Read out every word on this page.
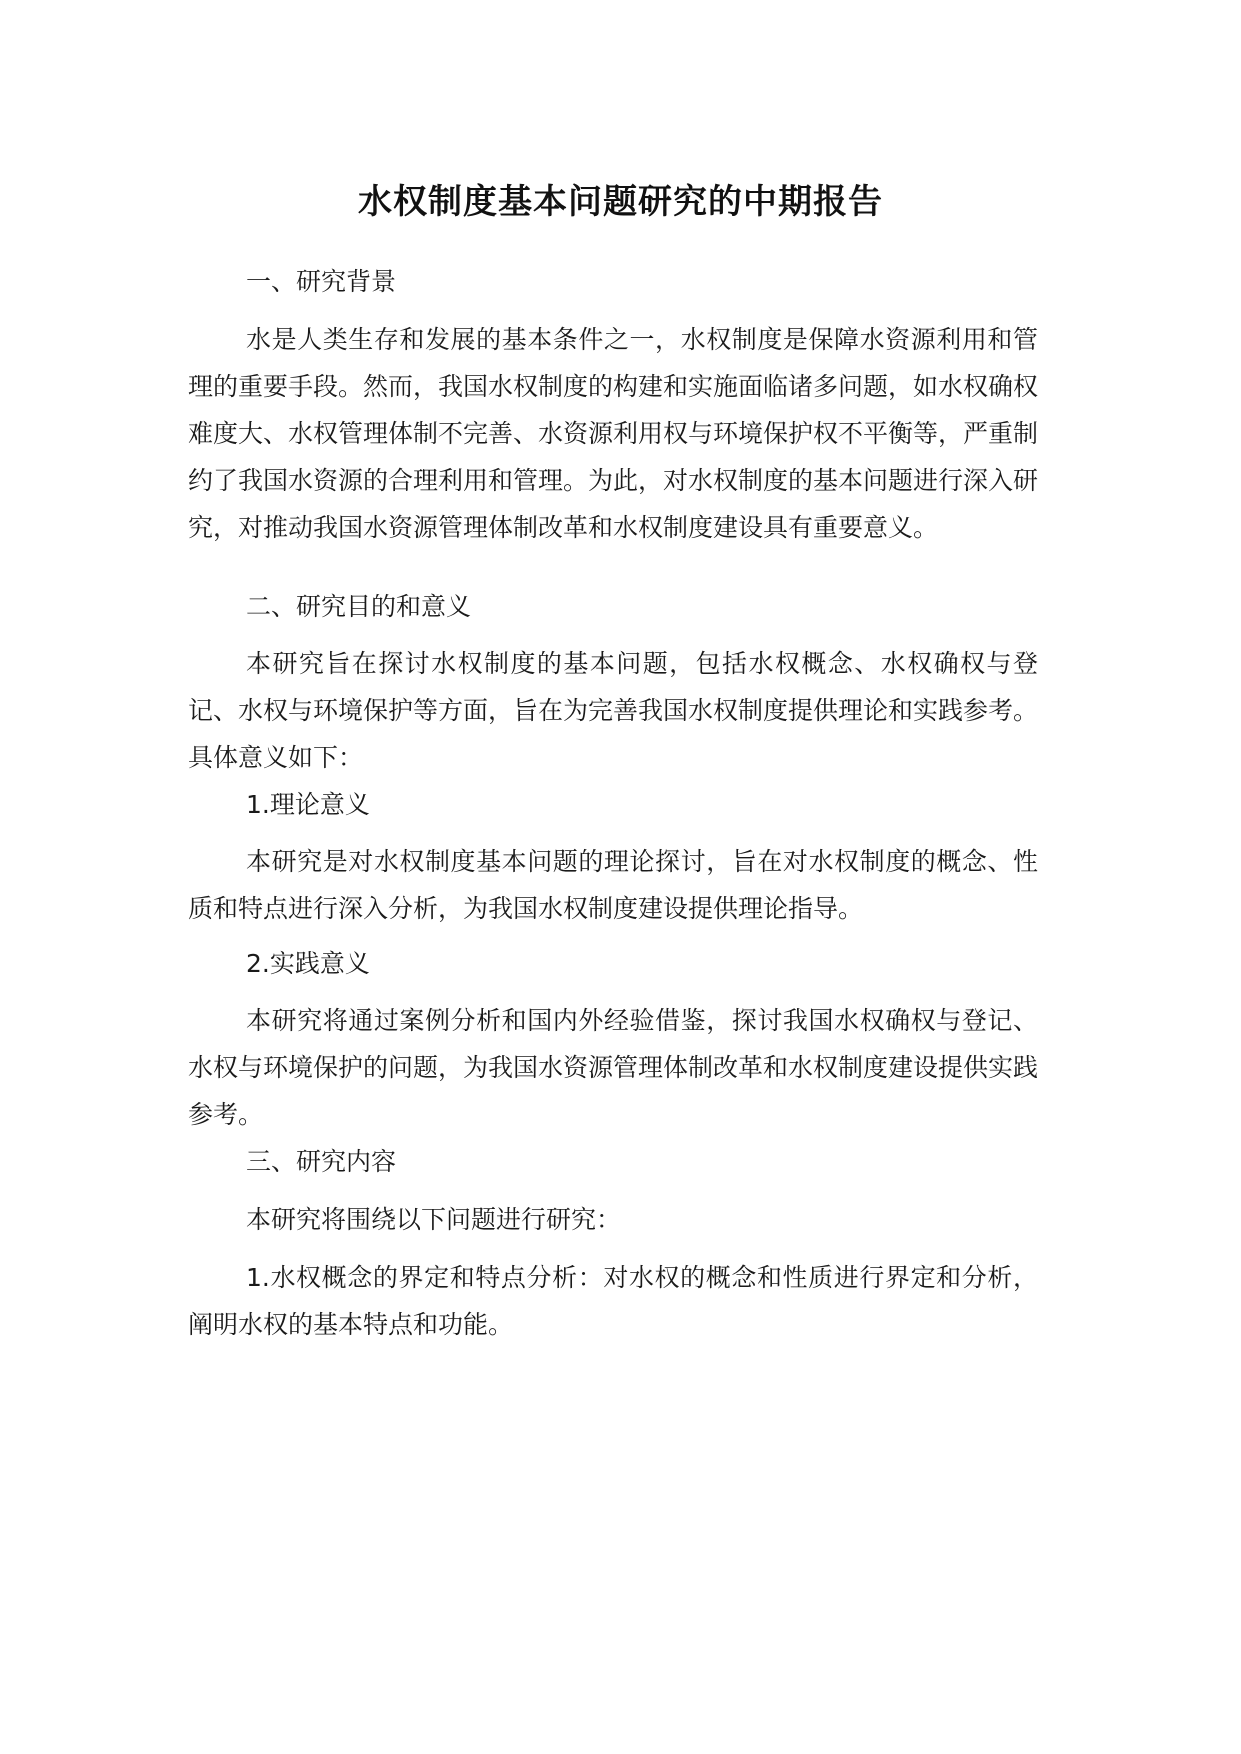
水权制度基本问题研究的中期报告
一、研究背景
水是人类生存和发展的基本条件之一，水权制度是保障水资源利用和管理的重要手段。然而，我国水权制度的构建和实施面临诸多问题，如水权确权难度大、水权管理体制不完善、水资源利用权与环境保护权不平衡等，严重制约了我国水资源的合理利用和管理。为此，对水权制度的基本问题进行深入研究，对推动我国水资源管理体制改革和水权制度建设具有重要意义。
二、研究目的和意义
本研究旨在探讨水权制度的基本问题，包括水权概念、水权确权与登记、水权与环境保护等方面，旨在为完善我国水权制度提供理论和实践参考。具体意义如下：
1.理论意义
本研究是对水权制度基本问题的理论探讨，旨在对水权制度的概念、性质和特点进行深入分析，为我国水权制度建设提供理论指导。
2.实践意义
本研究将通过案例分析和国内外经验借鉴，探讨我国水权确权与登记、水权与环境保护的问题，为我国水资源管理体制改革和水权制度建设提供实践参考。
三、研究内容
本研究将围绕以下问题进行研究：
1.水权概念的界定和特点分析：对水权的概念和性质进行界定和分析，阐明水权的基本特点和功能。
